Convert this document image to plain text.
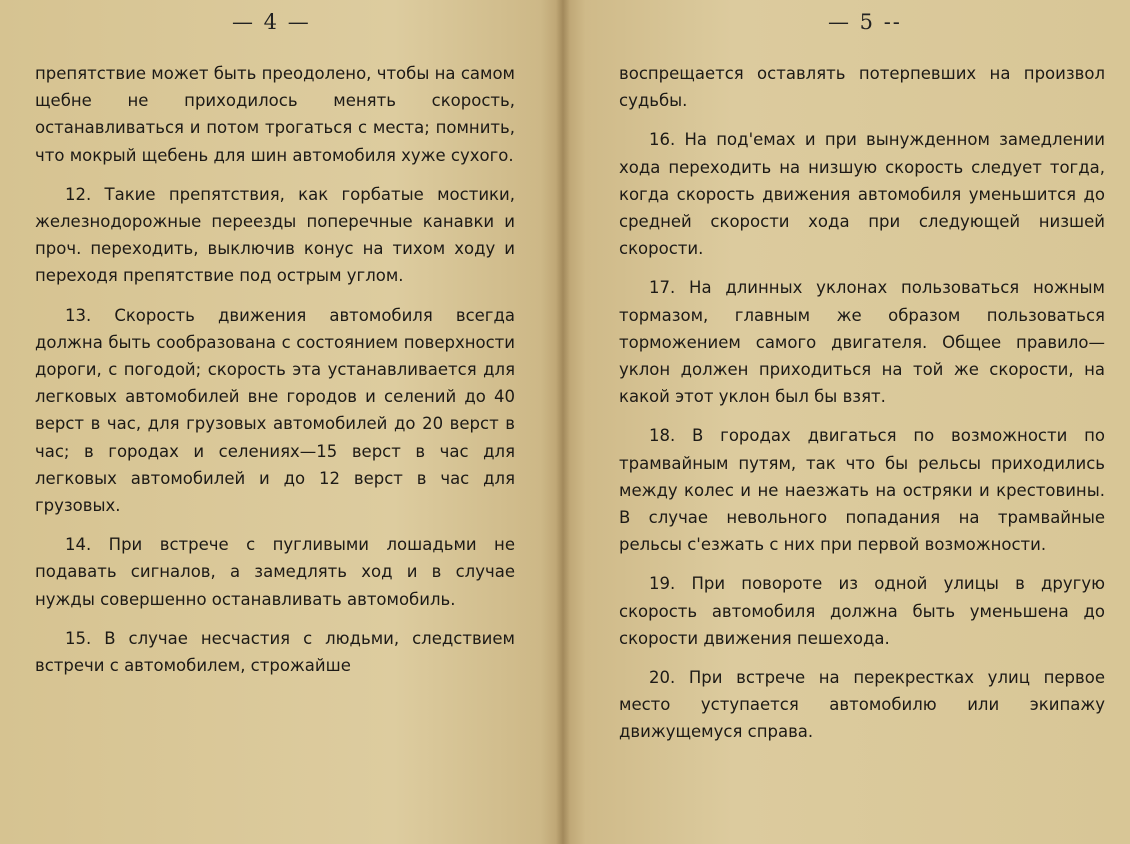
— 4 —

препятствие может быть преодолено, чтобы на самом щебне не приходилось менять скорость, останавливаться и потом трогаться с места; помнить, что мокрый щебень для шин автомобиля хуже сухого.

12. Такие препятствия, как горбатые мостики, железнодорожные переезды поперечные канавки и проч. переходить, выключив конус на тихом ходу и переходя препятствие под острым углом.

13. Скорость движения автомобиля всегда должна быть сообразована с состоянием поверхности дороги, с погодой; скорость эта устанавливается для легковых автомобилей вне городов и селений до 40 верст в час, для грузовых автомобилей до 20 верст в час; в городах и селениях—15 верст в час для легковых автомобилей и до 12 верст в час для грузовых.

14. При встрече с пугливыми лошадьми не подавать сигналов, а замедлять ход и в случае нужды совершенно останавливать автомобиль.

15. В случае несчастия с людьми, следствием встречи с автомобилем, строжайше

— 5 --

воспрещается оставлять потерпевших на произвол судьбы.

16. На под'емах и при вынужденном замедлении хода переходить на низшую скорость следует тогда, когда скорость движения автомобиля уменьшится до средней скорости хода при следующей низшей скорости.

17. На длинных уклонах пользоваться ножным тормазом, главным же образом пользоваться торможением самого двигателя. Общее правило—уклон должен приходиться на той же скорости, на какой этот уклон был бы взят.

18. В городах двигаться по возможности по трамвайным путям, так что бы рельсы приходились между колес и не наезжать на остряки и крестовины. В случае невольного попадания на трамвайные рельсы с'езжать с них при первой возможности.

19. При повороте из одной улицы в другую скорость автомобиля должна быть уменьшена до скорости движения пешехода.

20. При встрече на перекрестках улиц первое место уступается автомобилю или экипажу движущемуся справа.
